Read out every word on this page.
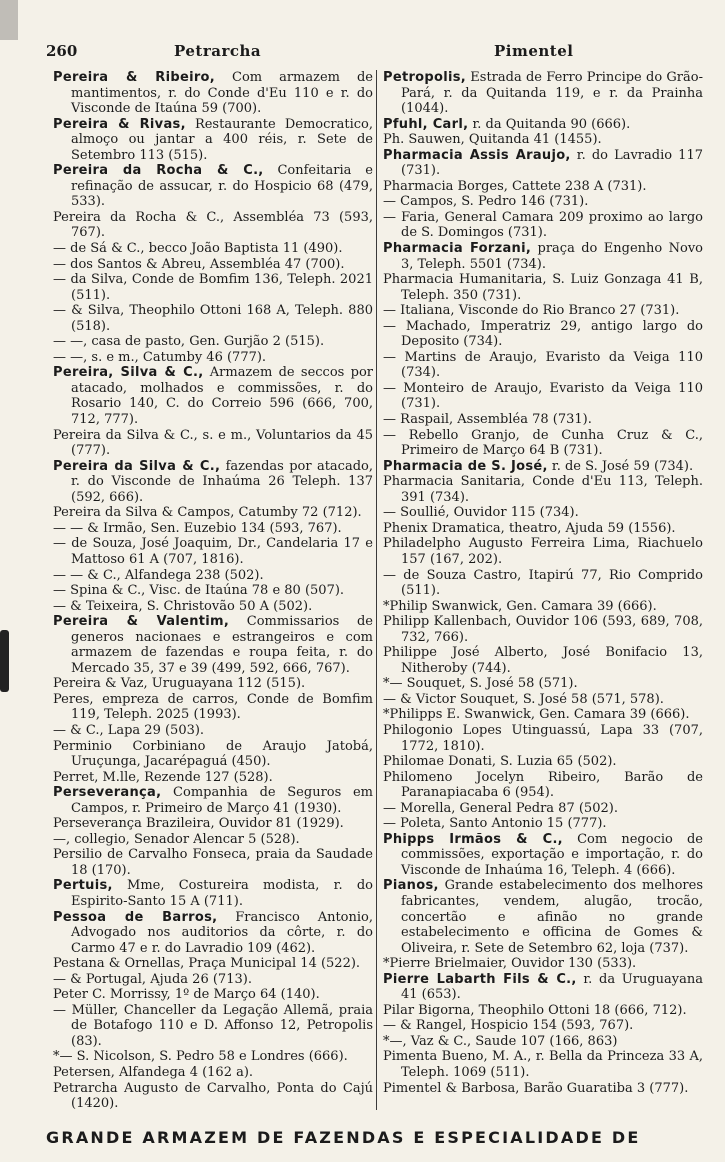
260	Petrarcha	Pimentel

Pereira & Ribeiro, Com armazem de mantimentos, r. do Conde d'Eu 110 e r. do Visconde de Itaúna 59 (700).

Pereira & Rivas, Restaurante Democratico, almoço ou jantar a 400 réis, r. Sete de Setembro 113 (515).

Pereira da Rocha & C., Confeitaria e refinação de assucar, r. do Hospicio 68 (479, 533).

Pereira da Rocha & C., Assembléa 73 (593, 767).

— de Sá & C., becco João Baptista 11 (490).

— dos Santos & Abreu, Assembléa 47 (700).

— da Silva, Conde de Bomfim 136, Teleph. 2021 (511).

— & Silva, Theophilo Ottoni 168 A, Teleph. 880 (518).

— —, casa de pasto, Gen. Gurjão 2 (515).

— —, s. e m., Catumby 46 (777).

Pereira, Silva & C., Armazem de seccos por atacado, molhados e commissões, r. do Rosario 140, C. do Correio 596 (666, 700, 712, 777).

Pereira da Silva & C., s. e m., Voluntarios da 45 (777).

Pereira da Silva & C., fazendas por atacado, r. do Visconde de Inhaúma 26 Teleph. 137 (592, 666).

Pereira da Silva & Campos, Catumby 72 (712).

— — & Irmão, Sen. Euzebio 134 (593, 767).

— de Souza, José Joaquim, Dr., Candelaria 17 e Mattoso 61 A (707, 1816).

— — & C., Alfandega 238 (502).

— Spina & C., Visc. de Itaúna 78 e 80 (507).

— & Teixeira, S. Christovão 50 A (502).

Pereira & Valentim, Commissarios de generos nacionaes e estrangeiros e com armazem de fazendas e roupa feita, r. do Mercado 35, 37 e 39 (499, 592, 666, 767).

Pereira & Vaz, Uruguayana 112 (515).

Peres, empreza de carros, Conde de Bomfim 119, Teleph. 2025 (1993).

— & C., Lapa 29 (503).

Perminio Corbiniano de Araujo Jatobá, Uruçunga, Jacarépaguá (450).

Perret, M.lle, Rezende 127 (528).

Perseverança, Companhia de Seguros em Campos, r. Primeiro de Março 41 (1930).

Perseverança Brazileira, Ouvidor 81 (1929).

—, collegio, Senador Alencar 5 (528).

Persilio de Carvalho Fonseca, praia da Saudade 18 (170).

Pertuis, Mme, Costureira modista, r. do Espirito-Santo 15 A (711).

Pessoa de Barros, Francisco Antonio, Advogado nos auditorios da côrte, r. do Carmo 47 e r. do Lavradio 109 (462).

Pestana & Ornellas, Praça Municipal 14 (522).

— & Portugal, Ajuda 26 (713).

Peter C. Morrissy, 1º de Março 64 (140).

— Müller, Chanceller da Legação Allemã, praia de Botafogo 110 e D. Affonso 12, Petropolis (83).

*— S. Nicolson, S. Pedro 58 e Londres (666).

Petersen, Alfandega 4 (162 a).

Petrarcha Augusto de Carvalho, Ponta do Cajú (1420).

Petropolis, Estrada de Ferro Principe do Grão-Pará, r. da Quitanda 119, e r. da Prainha (1044).

Pfuhl, Carl, r. da Quitanda 90 (666).

Ph. Sauwen, Quitanda 41 (1455).

Pharmacia Assis Araujo, r. do Lavradio 117 (731).

Pharmacia Borges, Cattete 238 A (731).

— Campos, S. Pedro 146 (731).

— Faria, General Camara 209 proximo ao largo de S. Domingos (731).

Pharmacia Forzani, praça do Engenho Novo 3, Teleph. 5501 (734).

Pharmacia Humanitaria, S. Luiz Gonzaga 41 B, Teleph. 350 (731).

— Italiana, Visconde do Rio Branco 27 (731).

— Machado, Imperatriz 29, antigo largo do Deposito (734).

— Martins de Araujo, Evaristo da Veiga 110 (734).

— Monteiro de Araujo, Evaristo da Veiga 110 (731).

— Raspail, Assembléa 78 (731).

— Rebello Granjo, de Cunha Cruz & C., Primeiro de Março 64 B (731).

Pharmacia de S. José, r. de S. José 59 (734).

Pharmacia Sanitaria, Conde d'Eu 113, Teleph. 391 (734).

— Soullié, Ouvidor 115 (734).

Phenix Dramatica, theatro, Ajuda 59 (1556).

Philadelpho Augusto Ferreira Lima, Riachuelo 157 (167, 202).

— de Souza Castro, Itapirú 77, Rio Comprido (511).

*Philip Swanwick, Gen. Camara 39 (666).

Philipp Kallenbach, Ouvidor 106 (593, 689, 708, 732, 766).

Philippe José Alberto, José Bonifacio 13, Nitheroby (744).

*— Souquet, S. José 58 (571).

— & Victor Souquet, S. José 58 (571, 578).

*Philipps E. Swanwick, Gen. Camara 39 (666).

Philogonio Lopes Utinguassú, Lapa 33 (707, 1772, 1810).

Philomae Donati, S. Luzia 65 (502).

Philomeno Jocelyn Ribeiro, Barão de Paranapiacaba 6 (954).

— Morella, General Pedra 87 (502).

— Poleta, Santo Antonio 15 (777).

Phipps Irmãos & C., Com negocio de commissões, exportação e importação, r. do Visconde de Inhaúma 16, Teleph. 4 (666).

Pianos, Grande estabelecimento dos melhores fabricantes, vendem, alugão, trocão, concertão e afinão no grande estabelecimento e officina de Gomes & Oliveira, r. Sete de Setembro 62, loja (737).

*Pierre Brielmaier, Ouvidor 130 (533).

Pierre Labarth Fils & C., r. da Uruguayana 41 (653).

Pilar Bigorna, Theophilo Ottoni 18 (666, 712).

— & Rangel, Hospicio 154 (593, 767).

*—, Vaz & C., Saude 107 (166, 863)

Pimenta Bueno, M. A., r. Bella da Princeza 33 A, Teleph. 1069 (511).

Pimentel & Barbosa, Barão Guaratiba 3 (777).

GRANDE ARMAZEM DE FAZENDAS E ESPECIALIDADE DE
